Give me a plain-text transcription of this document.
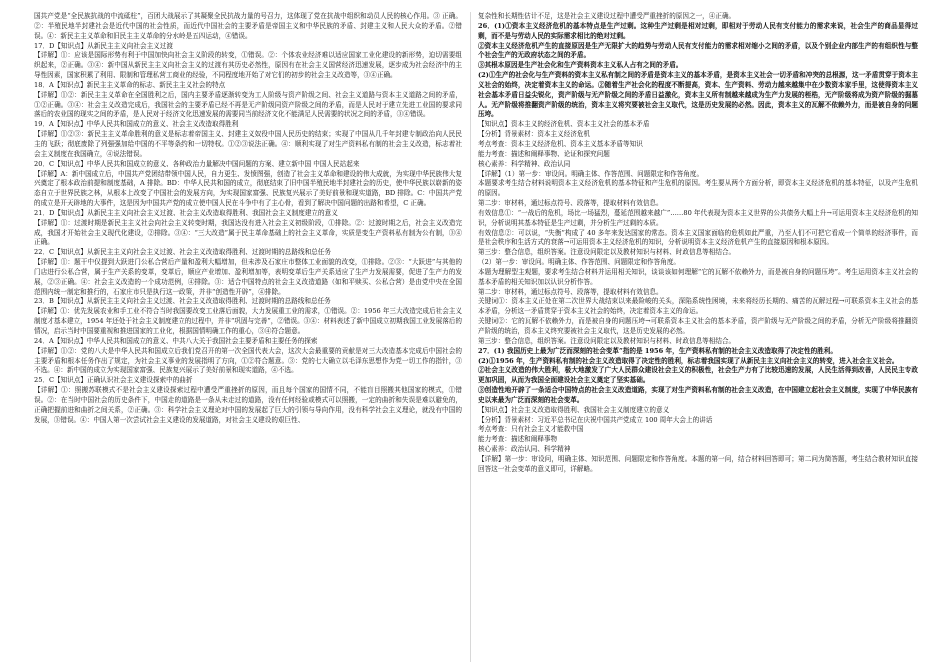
国共产党是“全民族抗战的中流砥柱”，百团大战展示了其凝聚全民抗战力量的号召力，这体现了党在抗战中组织和动员人民的核心作用。③ 正确。②：半殖民地半封建社会是近代中国的社会性质，而近代中国社会的主要矛盾是帝国主义和中华民族的矛盾、封建主义和人民大众的矛盾。②错误。④：新民主主义革命和旧民主主义革命的分水岭是五四运动，④错误。
17．D【知识点】从新民主主义向社会主义过渡
【详解】①：应该是国际形势有利于中国加快向社会主义阶段的转变，①错误。②：个体农业经济难以适应国家工业化建设的新形势，迫切需要组织起来，②正确。③④：新中国从新民主主义向社会主义的过渡有其历史必然性，原因有在社会主义国营经济迅速发展，逐步成为社会经济中的主导性因素，国家积累了利用、限制和管理私营工商业的经验，不同程度地开始了对它们的初步的社会主义改造等，③④正确。
18．A【知识点】新民主主义革命的标志、新民主主义社会的特点
【详解】①②：新民主主义革命在全国胜利之后，国内主要矛盾逐渐转变为工人阶级与资产阶级之间、社会主义道路与资本主义道路之间的矛盾，①②正确。③④：社会主义改造完成后，我国社会的主要矛盾已经不再是无产阶级同资产阶级之间的矛盾，而是人民对于建立先进工业国的要求同落后的农业国的现实之间的矛盾，是人民对于经济文化迅速发展的需要同当前经济文化不能满足人民需要的状况之间的矛盾，③④错误。
19．A【知识点】中华人民共和国成立的意义、社会主义改造取得胜利
【详解】①②③：新民主主义革命胜利的意义是标志着帝国主义、封建主义奴役中国人民历史的结束；实现了中国从几千年封建专制政治向人民民主的飞跃；彻底废除了列强强加给中国的不平等条约和一切特权。①②③说法正确。④：顺利实现了对生产资料私有制的社会主义改造，标志着社会主义制度在我国确立，④说法错误。
20．C【知识点】中华人民共和国成立的意义、各种政治力量解决中国问题的方案、建立新中国 中国人民站起来
【详解】A：新中国成立后，中国共产党团结带领中国人民，自力更生、发愤图强，创造了社会主义革命和建设的伟大成就，为实现中华民族伟大复兴奠定了根本政治前提和制度基础，A 排除。BD：中华人民共和国的成立，彻底结束了旧中国半殖民地半封建社会的历史，使中华民族以崭新的姿态自立于世界民族之林，从根本上改变了中国社会的发展方向，为实现国家富强、民族复兴展示了美好前景和现实道路，BD 排除。C：中国共产党的成立是开天辟地的大事件，这是因为中国共产党的成立使中国人民在斗争中有了主心骨，看到了解决中国问题的出路和希望，C 正确。
21．D【知识点】从新民主主义向社会主义过渡、社会主义改造取得胜利、我国社会主义制度建立的意义
【详解】①：过渡时期是新民主主义社会向社会主义转变时期，我国达没有进入社会主义初级阶段，①排除。②：过渡时期之后，社会主义改造完成，我国才开始社会主义现代化建设，②排除。③④：“三大改造”属于民主革命基础上的社会主义革命，实质是变生产资料私有制为公有制，③④正确。
22．C【知识点】从新民主主义向社会主义过渡、社会主义改造取得胜利、过渡时期的总路线和总任务
【详解】①：题干中仅提到大跃进门公私合营后产量和盈利大幅增加，但未涉及石家庄市整体工业面貌的改变，①排除。②③：“大跃进”与其他的门店进行公私合营，属于生产关系的变革，变革后，顺应产业增加、盈利增加等，表明变革后生产关系适应了生产力发展需要，促进了生产力的发展，②③正确。④：社会主义改造的一个成功范例，④排除。③：适合中国特点的社会主义改造道路（如和平赎买、公私合营）是由党中央在全国范围内统一制定和推行的，石家庄市只是执行这一政策，并非“创造性开辟”，④排除。
23．B【知识点】从新民主主义向社会主义过渡、社会主义改造取得胜利、过渡时期的总路线和总任务
【详解】①：优先发展农业和手工业不符合当时我国要改变工业落后面貌，大力发展重工业的需求，①错误。②：1956 年三大改造完成后社会主义制度才基本建立，1954 年还处于社会主义制度建立的过程中，并非“巩固与完善”，②错误。③④：材料表述了新中国成立初期我国工业发展落后的情况，启示当时中国要重视和推进国家的工业化，根据国情明确工作的重心，③④符合题意。
24．A【知识点】中华人民共和国成立的意义、中共八大关于我国社会主要矛盾和主要任务的探索
【详解】①②：党的八大是中华人民共和国成立后我们党召开的第一次全国代表大会，这次大会最重要的贡献是对三大改造基本完成后中国社会的主要矛盾和根本任务作出了规定，为社会主义事业的发展指明了方向，①②符合题意。③：党的七大确立以毛泽东思想作为党一切工作的指针，③不选。④：新中国的成立为实现国家富强、民族复兴展示了美好前景和现实道路，④不选。
25．C【知识点】正确认识社会主义建设探索中的曲折
【详解】①：照搬苏联模式不是社会主义建设探索过程中遭受严重挫折的原因，而且每个国家的国情不同，不能盲目照搬其他国家的模式，①错误。②：在当时中国社会的历史条件下，中国走的道路是一条从未走过的道路，没有任何经验或模式可以照搬，一定的曲折和失误是难以避免的，正确把握前进和曲折之间关系，②正确。③：科学社会主义理论对中国的发展起了巨大的引领与导向作用，没有科学社会主义理论，就没有中国的发展，③错误。④：中国人第一次尝试社会主义建设的发展道路，对社会主义建设的艰巨性、
复杂性和长期性估计不足，这是社会主义建设过程中遭受严重挫折的原因之一，④正确。
26．(1)①资本主义经济危机的基本特点是生产过剩。这种生产过剩是相对过剩，即相对于劳动人民有支付能力的需求来说，社会生产的商品显得过剩，而不是与劳动人民的实际需求相比的绝对过剩。
②资本主义经济危机产生的直接原因是生产无限扩大的趋势与劳动人民有支付能力的需求相对缩小之间的矛盾，以及个别企业内部生产的有组织性与整个社会生产的无政府状态之间的矛盾。
③其根本原因是生产社会化和生产资料资本主义私人占有之间的矛盾。
(2)①生产的社会化与生产资料的资本主义私有制之间的矛盾是资本主义的基本矛盾，是资本主义社会一切矛盾和冲突的总根源，这一矛盾贯穿于资本主义社会的始终，决定着资本主义的命运。②随着生产社会化的程度不断提高，资本、生产资料、劳动力越来越集中在少数资本家手里，这使得资本主义社会基本矛盾日益尖锐化，资产阶级与无产阶级之间的矛盾日益激化，资本主义所有制越来越成为生产力发展的桎梏，无产阶级将成为资产阶级的掘墓人。无产阶级将推翻资产阶级的统治，资本主义将究要被社会主义取代，这是历史发展的必然。因此，资本主义的瓦解不依赖外力，而是被自身的问题压垮。
【知识点】资本主义的经济危机、资本主义社会的基本矛盾
【分析】背景素材：资本主义经济危机
考点考查：资本主义经济危机、资本主义基本矛盾等知识
能力考查：描述和阐释事物、论证和探究问题
核心素养：科学精神、政治认同
【详解】（1）第一步：审设问。明确主体、作答范围、问题限定和作答角度。
本题要求考生结合材料说明资本主义经济危机的基本特征和产生危机的原因。考生要从两个方面分析，即资本主义经济危机的基本特征，以及产生危机的原因。
第二步：审材料，通过标点符号、段落等，提取材料有效信息。
有效信息①：“一战后的危机，场比一场猛烈，蔓延范围越来越广”……80 年代表现为资本主义世界的公共债务大幅上升→可运用资本主义经济危机的知识，分析说明其基本特征是生产过剩，并分析生产过剩的本质。
有效信息②：可以说，“失衡”构成了 40 多年来发达国家的常态。资本主义国家面临的危机如此严重，乃至人们不可把它看成一个简单的经济事件，而是社会秩序和生活方式的衰落→可运用资本主义经济危机的知识，分析说明资本主义经济危机产生的直接原因和根本原因。
第三步：整合信息，组织答案。注意设问限定以及教材知识与材料、时政信息等相结合。
（2）第一步：审设问。明确主体、作答范围、问题限定和作答角度。
本题为理解型主观题，要求考生结合材料并运用相关知识，谈谈该如何理解“它的瓦解不依赖外力，而是被自身的问题压垮”。考生运用资本主义社会的基本矛盾的相关知识加以认识分析作答。
第二步：审材料，通过标点符号、段落等，提取材料有效信息。
关键词①：资本主义正处在第二次世界大战结束以来最险峻的关头，深陷系统性困境，未来将经历长期的、痛苦的瓦解过程→可联系资本主义社会的基本矛盾，分析这一矛盾贯穿于资本主义社会的始终，决定着资本主义的命运。
关键词②：它的瓦解不依赖外力，而是被自身的问题压垮→可联系资本主义社会的基本矛盾，资产阶级与无产阶级之间的矛盾，分析无产阶级将推翻资产阶级的统治，资本主义终究要被社会主义取代，这是历史发展的必然。
第三步：整合信息，组织答案。注意设问限定以及教材知识与材料、时政信息等相结合。
27．(1) 我国历史上最为广泛而深刻的社会变革”指的是 1956 年，生产资料私有制的社会主义改造取得了决定性的胜利。
(2)①1956 年，生产资料私有制的社会主义改造取得了决定性的胜利，标志着我国实现了从新民主主义向社会主义的转变，进入社会主义社会。
②社会主义改造的伟大胜利，极大地激发了广大人民群众建设社会主义的积极性，社会生产力有了比较迅速的发展，人民生活得到改善，人民民主专政更加巩固，从而为我国全面建设社会主义奠定了坚实基础。
③创造性地开辟了一条适合中国特点的社会主义改造道路，实现了对生产资料私有制的社会主义改造，在中国建立起社会主义制度，实现了中华民族有史以来最为广泛而深刻的社会变革。
【知识点】社会主义改造取得胜利、我国社会主义制度建立的意义
【分析】背景素材：习近平总书记在庆祝中国共产党成立 100 周年大会上的讲话
考点考查：只有社会主义才能救中国
能力考查：描述和阐释事物
核心素养：政治认同、科学精神
【详解】第一步：审设问，明确主体、知识范围、问题限定和作答角度。本题的第一问，结合材料回答即可；第二问为简答题，考生结合教材知识直接回答这一社会变革的意义即可，详解略。
